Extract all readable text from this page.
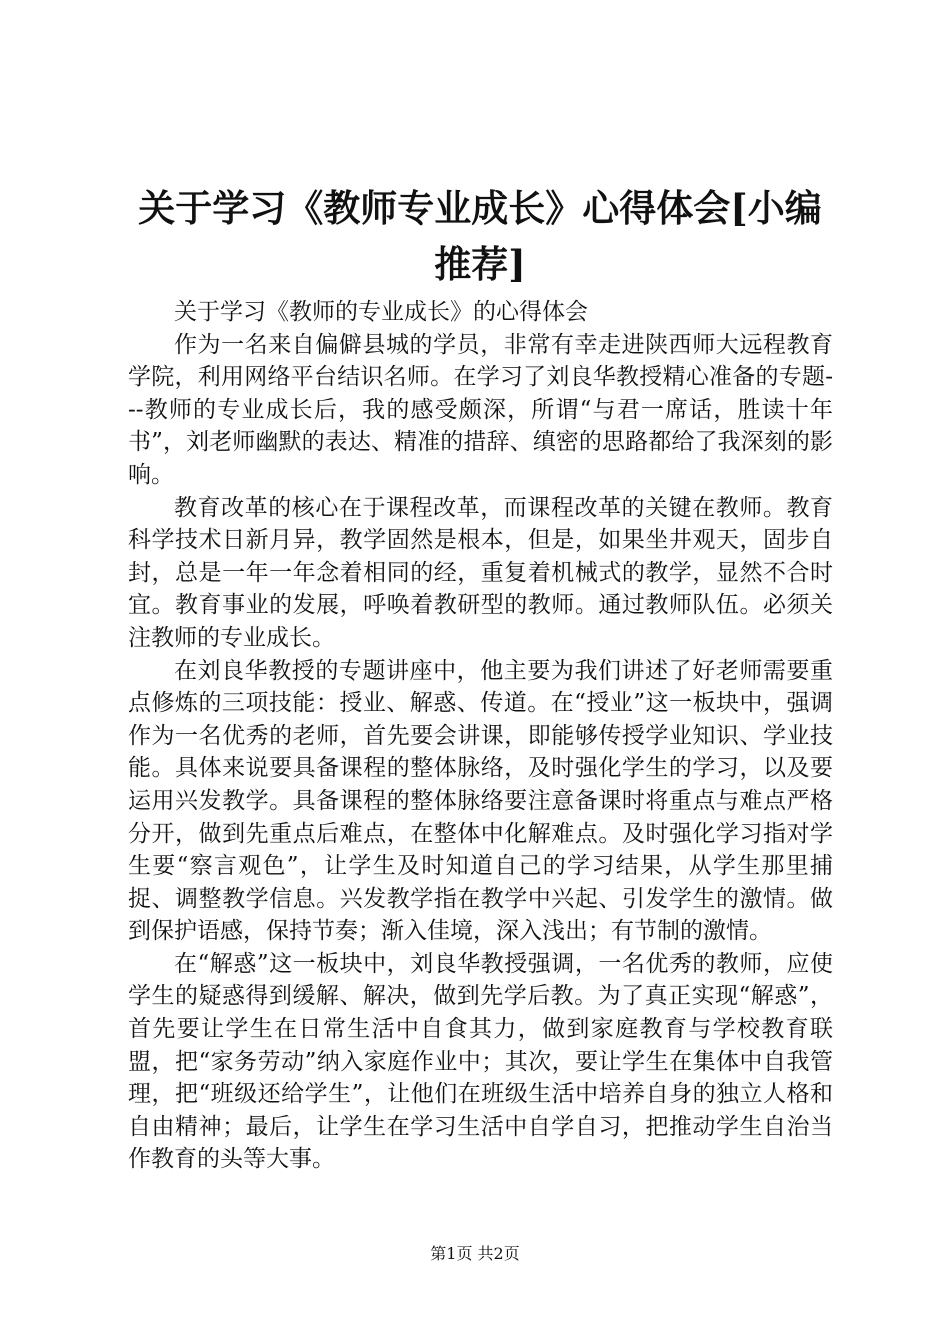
关于学习《教师专业成长》心得体会[小编推荐]

关于学习《教师的专业成长》的心得体会

作为一名来自偏僻县城的学员，非常有幸走进陕西师大远程教育学院，利用网络平台结识名师。在学习了刘良华教授精心准备的专题---教师的专业成长后，我的感受颇深，所谓“与君一席话，胜读十年书”，刘老师幽默的表达、精准的措辞、缜密的思路都给了我深刻的影响。

教育改革的核心在于课程改革，而课程改革的关键在教师。教育科学技术日新月异，教学固然是根本，但是，如果坐井观天，固步自封，总是一年一年念着相同的经，重复着机械式的教学，显然不合时宜。教育事业的发展，呼唤着教研型的教师。通过教师队伍。必须关注教师的专业成长。

在刘良华教授的专题讲座中，他主要为我们讲述了好老师需要重点修炼的三项技能：授业、解惑、传道。在“授业”这一板块中，强调作为一名优秀的老师，首先要会讲课，即能够传授学业知识、学业技能。具体来说要具备课程的整体脉络，及时强化学生的学习，以及要运用兴发教学。具备课程的整体脉络要注意备课时将重点与难点严格分开，做到先重点后难点，在整体中化解难点。及时强化学习指对学生要“察言观色”，让学生及时知道自己的学习结果，从学生那里捕捉、调整教学信息。兴发教学指在教学中兴起、引发学生的激情。做到保护语感，保持节奏；渐入佳境，深入浅出；有节制的激情。

在“解惑”这一板块中，刘良华教授强调，一名优秀的教师，应使学生的疑惑得到缓解、解决，做到先学后教。为了真正实现“解惑”，首先要让学生在日常生活中自食其力，做到家庭教育与学校教育联盟，把“家务劳动”纳入家庭作业中；其次，要让学生在集体中自我管理，把“班级还给学生”，让他们在班级生活中培养自身的独立人格和自由精神；最后，让学生在学习生活中自学自习，把推动学生自治当作教育的头等大事。

第1页 共2页
